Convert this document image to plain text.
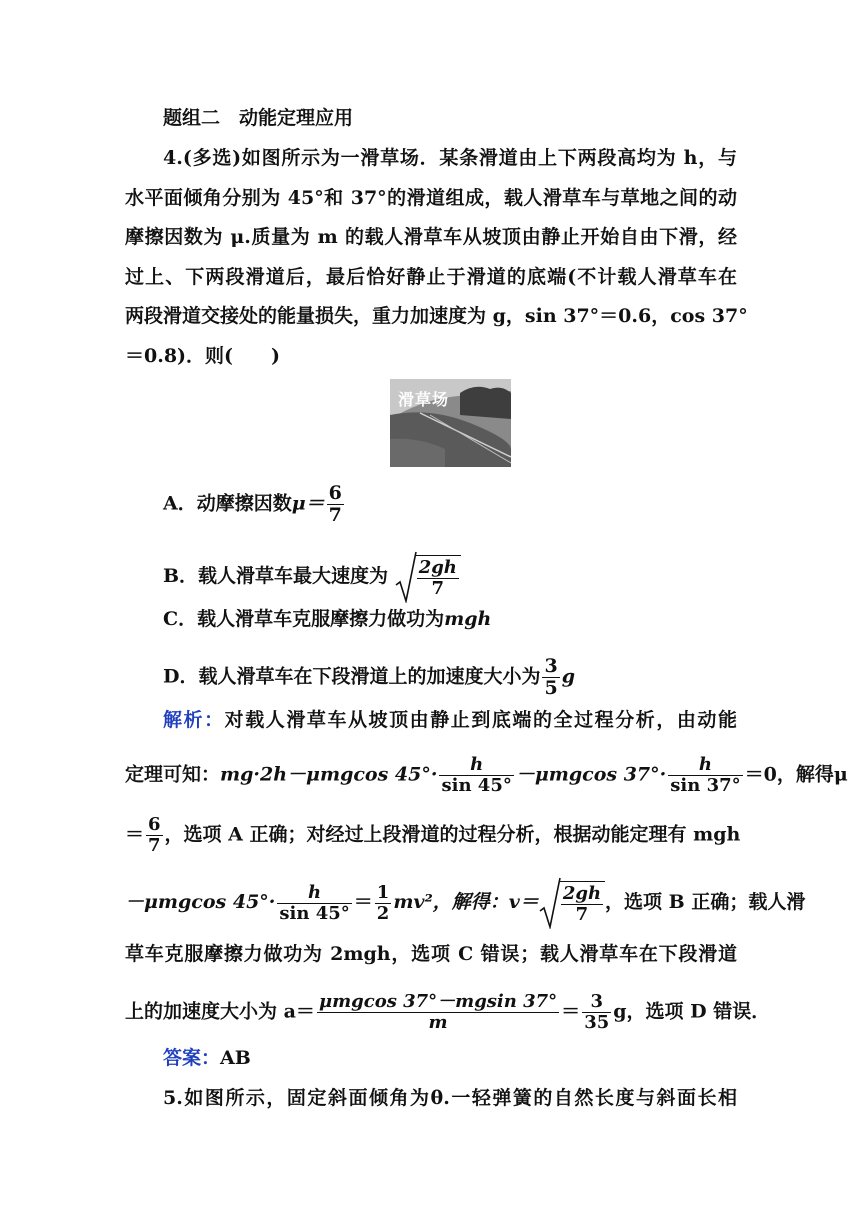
题组二　动能定理应用
4.(多选)如图所示为一滑草场．某条滑道由上下两段高均为 h，与
水平面倾角分别为 45°和 37°的滑道组成，载人滑草车与草地之间的动
摩擦因数为 μ.质量为 m 的载人滑草车从坡顶由静止开始自由下滑，经
过上、下两段滑道后，最后恰好静止于滑道的底端(不计载人滑草车在
两段滑道交接处的能量损失，重力加速度为 g，sin 37°＝0.6，cos 37°
＝0.8)．则(　　)
滑草场
A．动摩擦因数$\mu= \frac{6}{7}$
B．载人滑草车最大速度为 $\frac{2gh}{7}$
C．载人滑草车克服摩擦力做功为mgh
D．载人滑草车在下段滑道上的加速度大小为 $\frac{3}{5}$ g
解析：对载人滑草车从坡顶由静止到底端的全过程分析，由动能
定理可知：mg·2h－μmgcos $45^\circ\cdot \frac{h}{\sin 45^\circ} -\mu mgcos$ $37^\circ\cdot \frac{h}{\sin 37^\circ} =0$，解得μ
＝ $\frac{6}{7}$ ，选项 A 正确；对经过上段滑道的过程分析，根据动能定理有 mgh
－μmgcos $45^\circ\cdot \frac{h}{\sin 45^\circ} = \frac{1}{2} mv^2$，解得：$v= \frac{2gh}{7}$ ，选项 B 正确；载人滑
草车克服摩擦力做功为 2mgh，选项 C 错误；载人滑草车在下段滑道
上的加速度大小为 $a= \frac{\text{μmgcos 37°－mgsin 37°}}{m} = \frac{3}{35}$ g，选项 D 错误．
答案：AB
5.如图所示，固定斜面倾角为θ.一轻弹簧的自然长度与斜面长相
